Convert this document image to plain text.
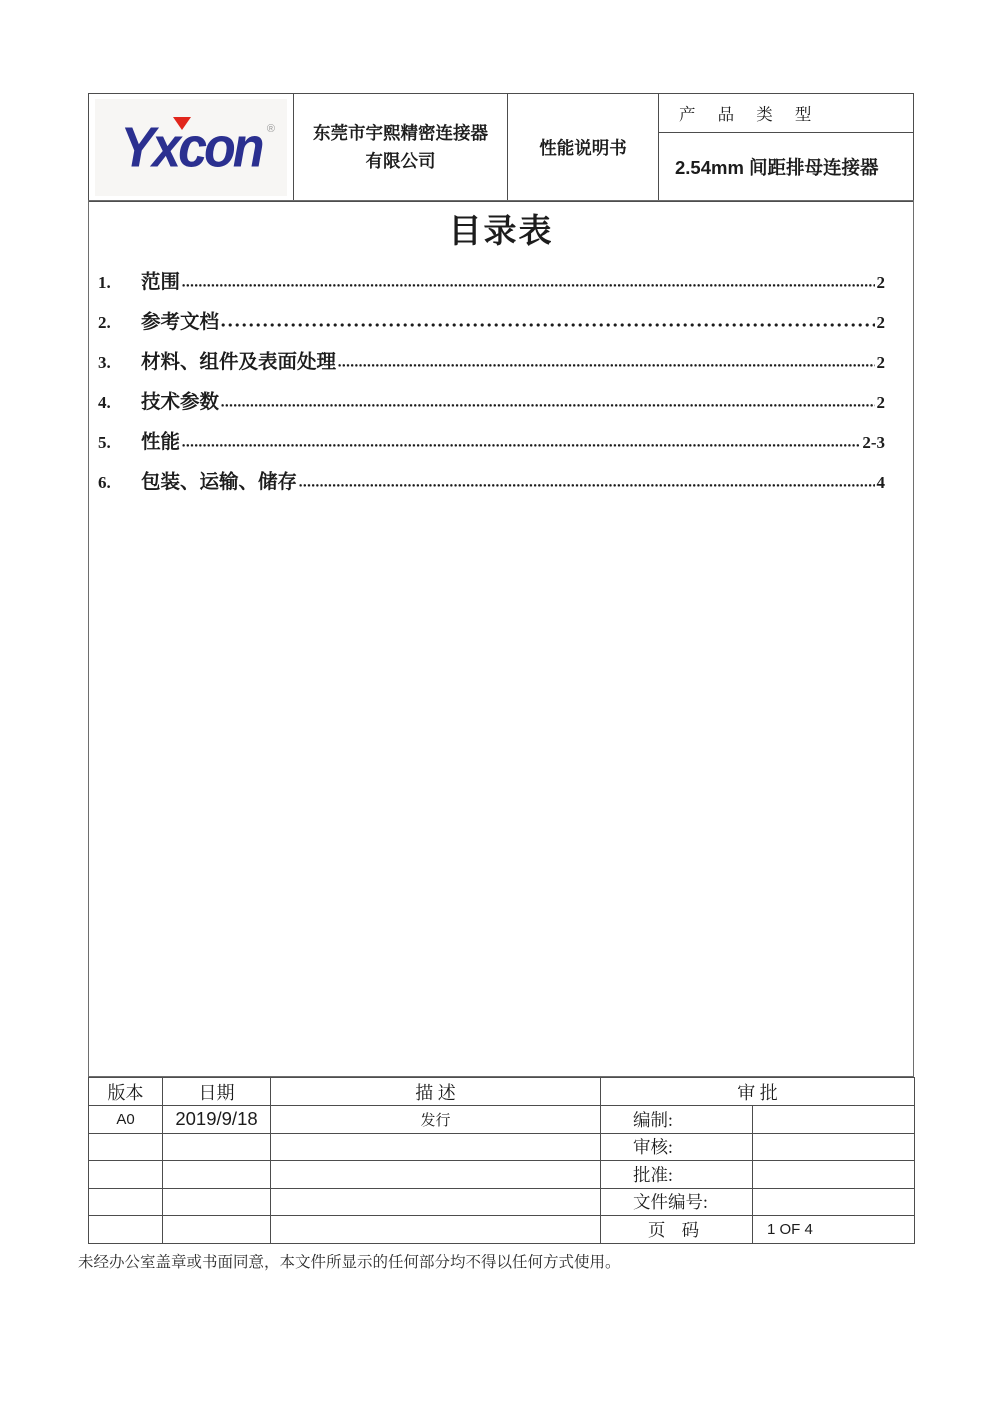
Yxcon ® 东莞市宇熙精密连接器
有限公司
性能说明书
产 品 类 型
2.54mm 间距排母连接器
目录表
1.	范围	2
2.	参考文档	2
3.	材料、组件及表面处理	2
4.	技术参数	2
5.	性能	2-3
6.	包装、运输、储存	4
版本	日期	描 述	审 批	
A0	2019/9/18	发行	编制:	
			审核:	
			批准:	
			文件编号:	
			页 码	1 OF 4
未经办公室盖章或书面同意，本文件所显示的任何部分均不得以任何方式使用。
